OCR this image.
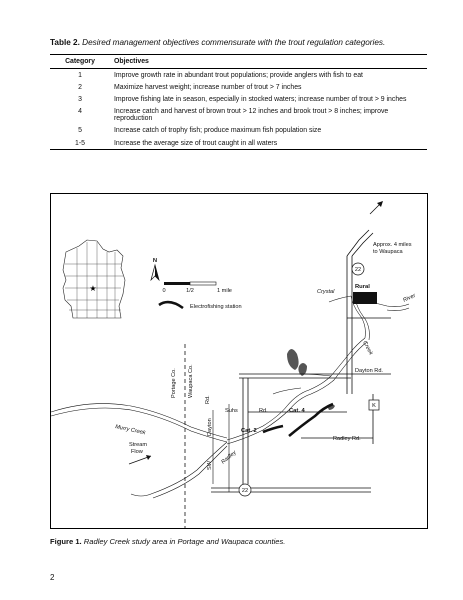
Table 2. Desired management objectives commensurate with the trout regulation categories.
Category	Objectives
1	Improve growth rate in abundant trout populations; provide anglers with fish to eat
2	Maximize harvest weight; increase number of trout > 7 inches
3	Improve fishing late in season, especially in stocked waters; increase number of trout > 9 inches
4	Increase catch and harvest of brown trout > 12 inches and brook trout > 8 inches; improve reproduction
5	Increase catch of trophy fish; produce maximum fish population size
1-5	Increase the average size of trout caught in all waters
★
N
0	1/2	1 mile
Electrofishing station
22
22
K
Approx. 4 miles
to Waupaca
Crystal
River
Rural
Creek
Dayton Rd.
Portage Co. Waupaca Co.
Rd.
Suhs	Rd.
Dayton
Cat. 4
Cat. 2
Murry Creek
Radley Rd.
Radley
Stream
Flow
SW
Figure 1. Radley Creek study area in Portage and Waupaca counties.
2
